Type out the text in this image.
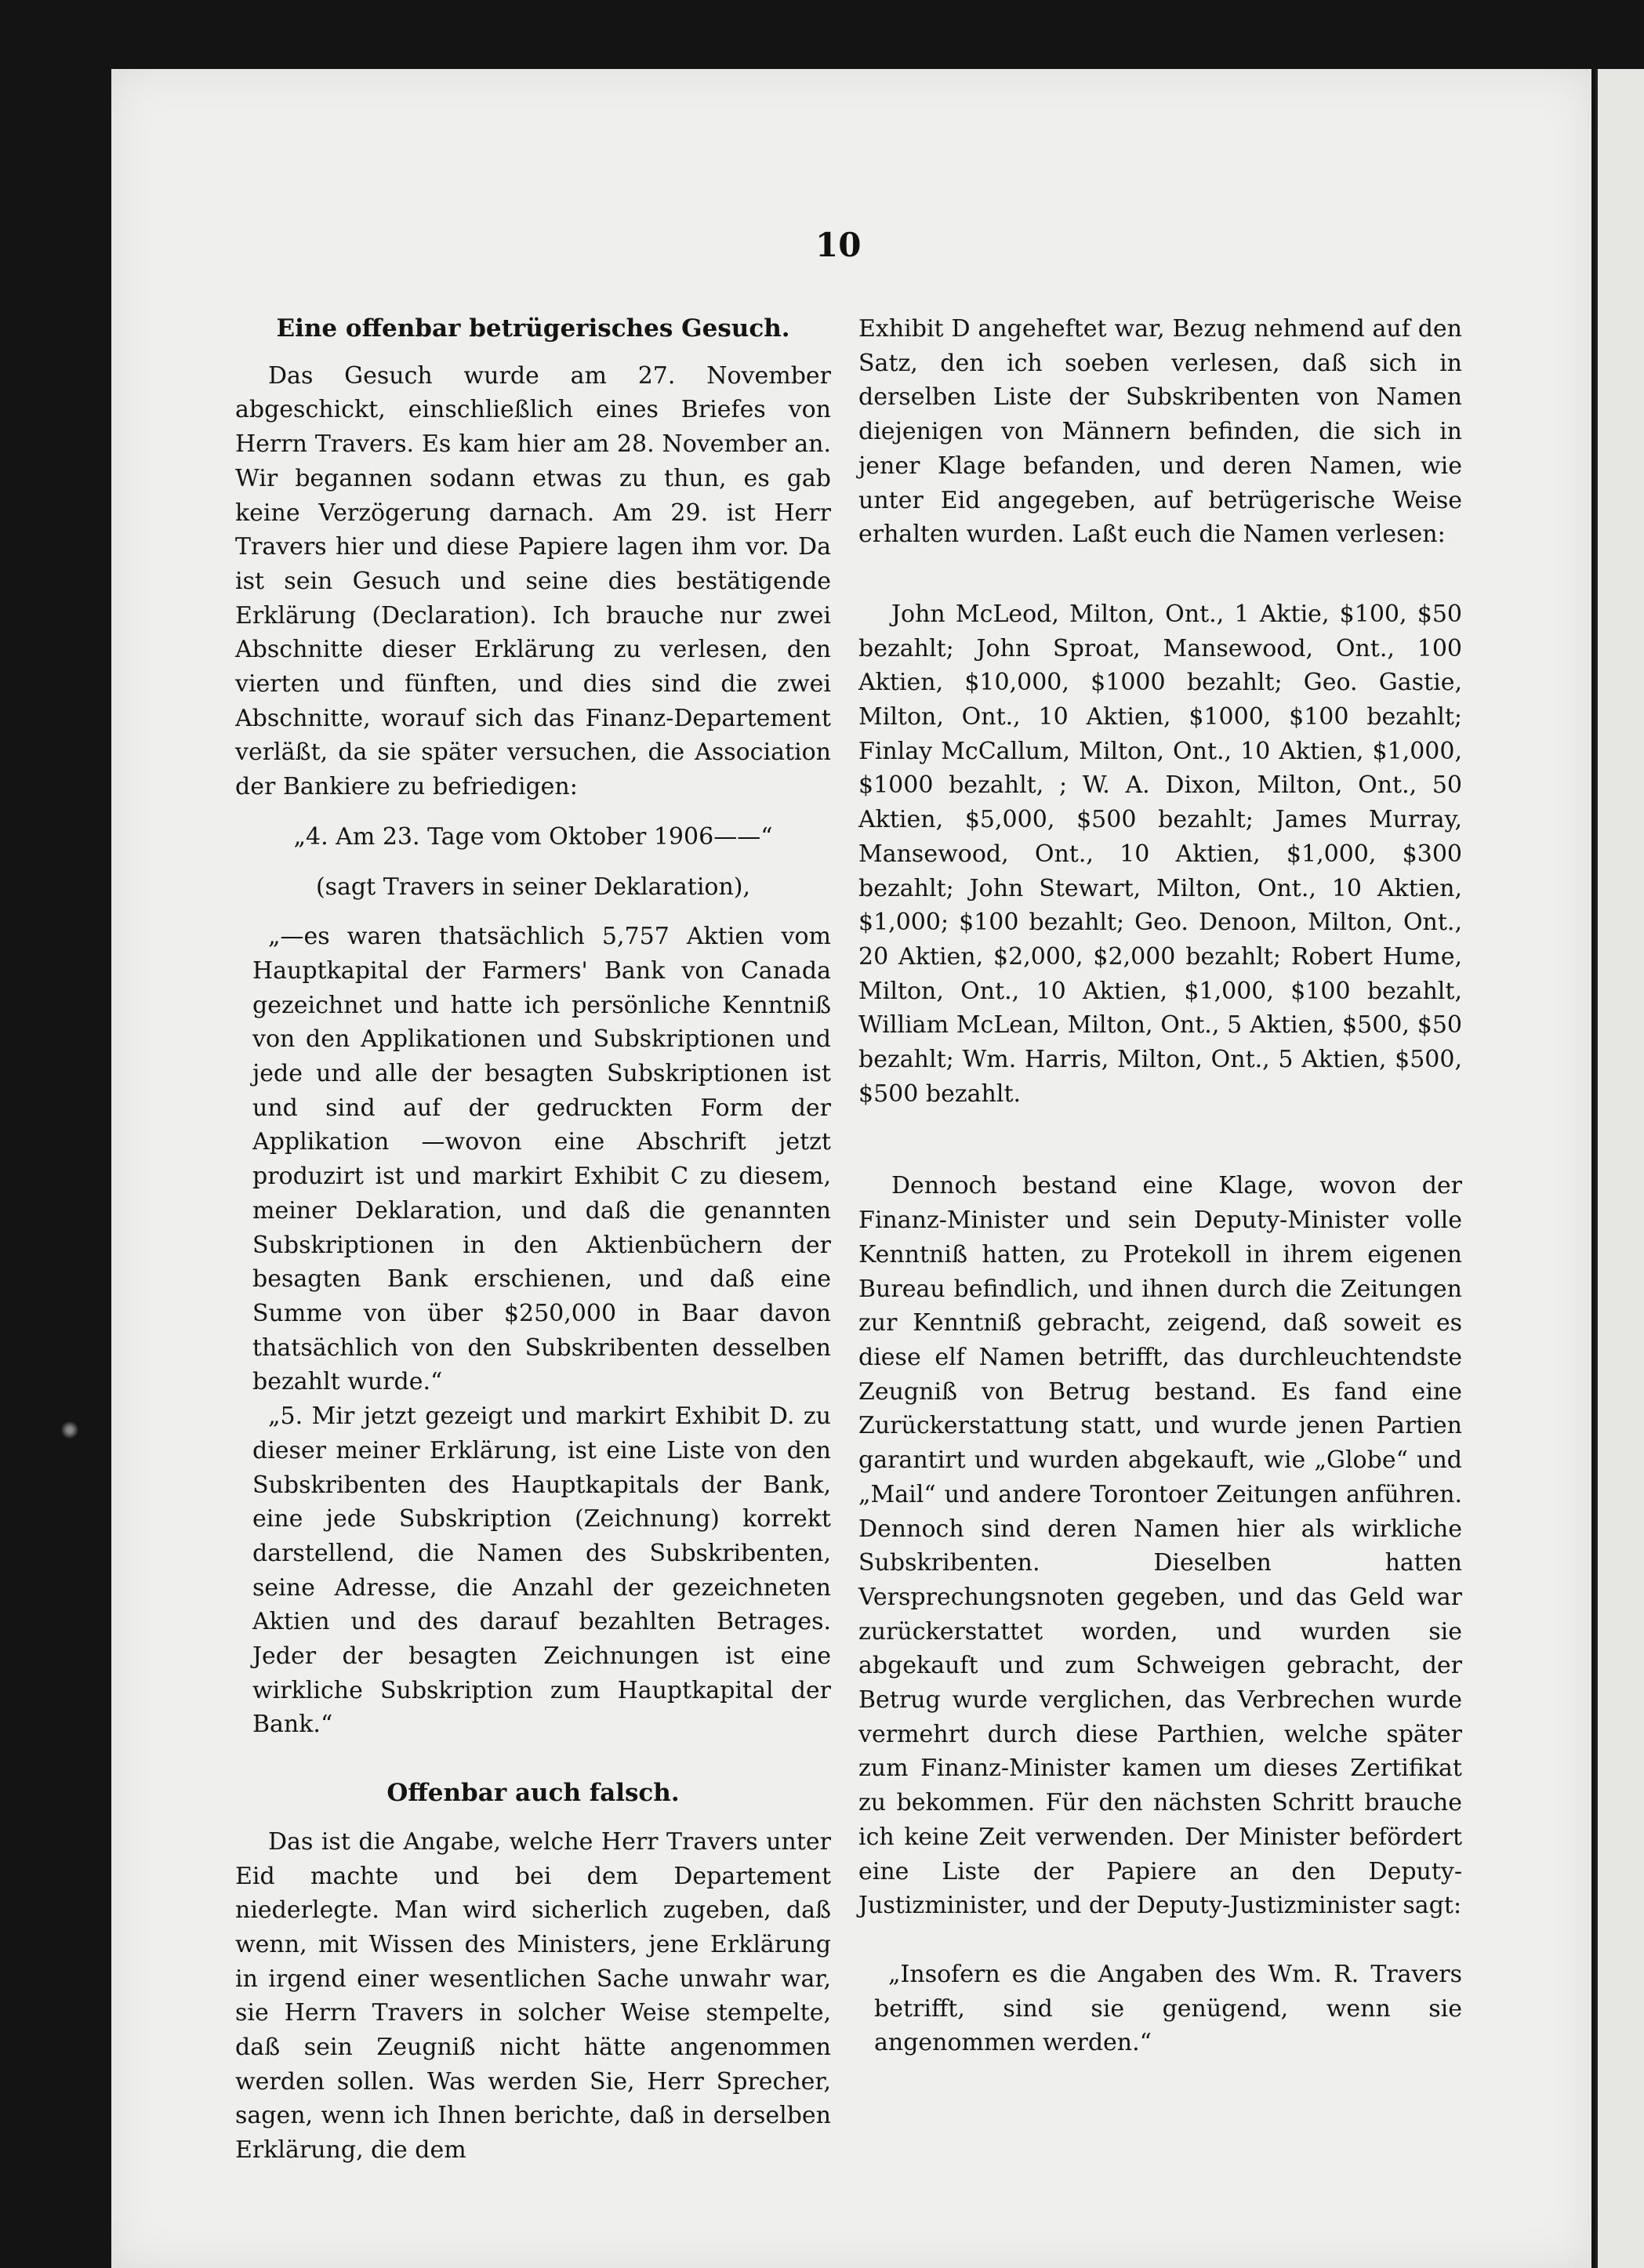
10
Eine offenbar betrügerisches Gesuch.

Das Gesuch wurde am 27. November abgeschickt, einschließlich eines Briefes von Herrn Travers. Es kam hier am 28. November an. Wir begannen sodann etwas zu thun, es gab keine Verzögerung darnach. Am 29. ist Herr Travers hier und diese Papiere lagen ihm vor. Da ist sein Gesuch und seine dies bestätigende Erklärung (Declaration). Ich brauche nur zwei Abschnitte dieser Erklärung zu verlesen, den vierten und fünften, und dies sind die zwei Abschnitte, worauf sich das Finanz-Departement verläßt, da sie später versuchen, die Association der Bankiere zu befriedigen:

„4. Am 23. Tage vom Oktober 1906——“

(sagt Travers in seiner Deklaration),

„—es waren thatsächlich 5,757 Aktien vom Hauptkapital der Farmers' Bank von Canada gezeichnet und hatte ich persönliche Kenntniß von den Applikationen und Subskriptionen und jede und alle der besagten Subskriptionen ist und sind auf der gedruckten Form der Applikation —wovon eine Abschrift jetzt produzirt ist und markirt Exhibit C zu diesem, meiner Deklaration, und daß die genannten Subskriptionen in den Aktienbüchern der besagten Bank erschienen, und daß eine Summe von über $250,000 in Baar davon thatsächlich von den Subskribenten desselben bezahlt wurde.“

„5. Mir jetzt gezeigt und markirt Exhibit D. zu dieser meiner Erklärung, ist eine Liste von den Subskribenten des Hauptkapitals der Bank, eine jede Subskription (Zeichnung) korrekt darstellend, die Namen des Subskribenten, seine Adresse, die Anzahl der gezeichneten Aktien und des darauf bezahlten Betrages. Jeder der besagten Zeichnungen ist eine wirkliche Subskription zum Hauptkapital der Bank.“

Offenbar auch falsch.

Das ist die Angabe, welche Herr Travers unter Eid machte und bei dem Departement niederlegte. Man wird sicherlich zugeben, daß wenn, mit Wissen des Ministers, jene Erklärung in irgend einer wesentlichen Sache unwahr war, sie Herrn Travers in solcher Weise stempelte, daß sein Zeugniß nicht hätte angenommen werden sollen. Was werden Sie, Herr Sprecher, sagen, wenn ich Ihnen berichte, daß in derselben Erklärung, die dem

Exhibit D angeheftet war, Bezug nehmend auf den Satz, den ich soeben verlesen, daß sich in derselben Liste der Subskribenten von Namen diejenigen von Männern befinden, die sich in jener Klage befanden, und deren Namen, wie unter Eid angegeben, auf betrügerische Weise erhalten wurden. Laßt euch die Namen verlesen:

John McLeod, Milton, Ont., 1 Aktie, $100, $50 bezahlt; John Sproat, Mansewood, Ont., 100 Aktien, $10,000, $1000 bezahlt; Geo. Gastie, Milton, Ont., 10 Aktien, $1000, $100 bezahlt; Finlay McCallum, Milton, Ont., 10 Aktien, $1,000, $1000 bezahlt, ; W. A. Dixon, Milton, Ont., 50 Aktien, $5,000, $500 bezahlt; James Murray, Mansewood, Ont., 10 Aktien, $1,000, $300 bezahlt; John Stewart, Milton, Ont., 10 Aktien, $1,000; $100 bezahlt; Geo. Denoon, Milton, Ont., 20 Aktien, $2,000, $2,000 bezahlt; Robert Hume, Milton, Ont., 10 Aktien, $1,000, $100 bezahlt, William McLean, Milton, Ont., 5 Aktien, $500, $50 bezahlt; Wm. Harris, Milton, Ont., 5 Aktien, $500, $500 bezahlt.

Dennoch bestand eine Klage, wovon der Finanz-Minister und sein Deputy-Minister volle Kenntniß hatten, zu Protekoll in ihrem eigenen Bureau befindlich, und ihnen durch die Zeitungen zur Kenntniß gebracht, zeigend, daß soweit es diese elf Namen betrifft, das durchleuchtendste Zeugniß von Betrug bestand. Es fand eine Zurückerstattung statt, und wurde jenen Partien garantirt und wurden abgekauft, wie „Globe“ und „Mail“ und andere Torontoer Zeitungen anführen. Dennoch sind deren Namen hier als wirkliche Subskribenten. Dieselben hatten Versprechungsnoten gegeben, und das Geld war zurückerstattet worden, und wurden sie abgekauft und zum Schweigen gebracht, der Betrug wurde verglichen, das Verbrechen wurde vermehrt durch diese Parthien, welche später zum Finanz-Minister kamen um dieses Zertifikat zu bekommen. Für den nächsten Schritt brauche ich keine Zeit verwenden. Der Minister befördert eine Liste der Papiere an den Deputy-Justizminister, und der Deputy-Justizminister sagt:

„Insofern es die Angaben des Wm. R. Travers betrifft, sind sie genügend, wenn sie angenommen werden.“
